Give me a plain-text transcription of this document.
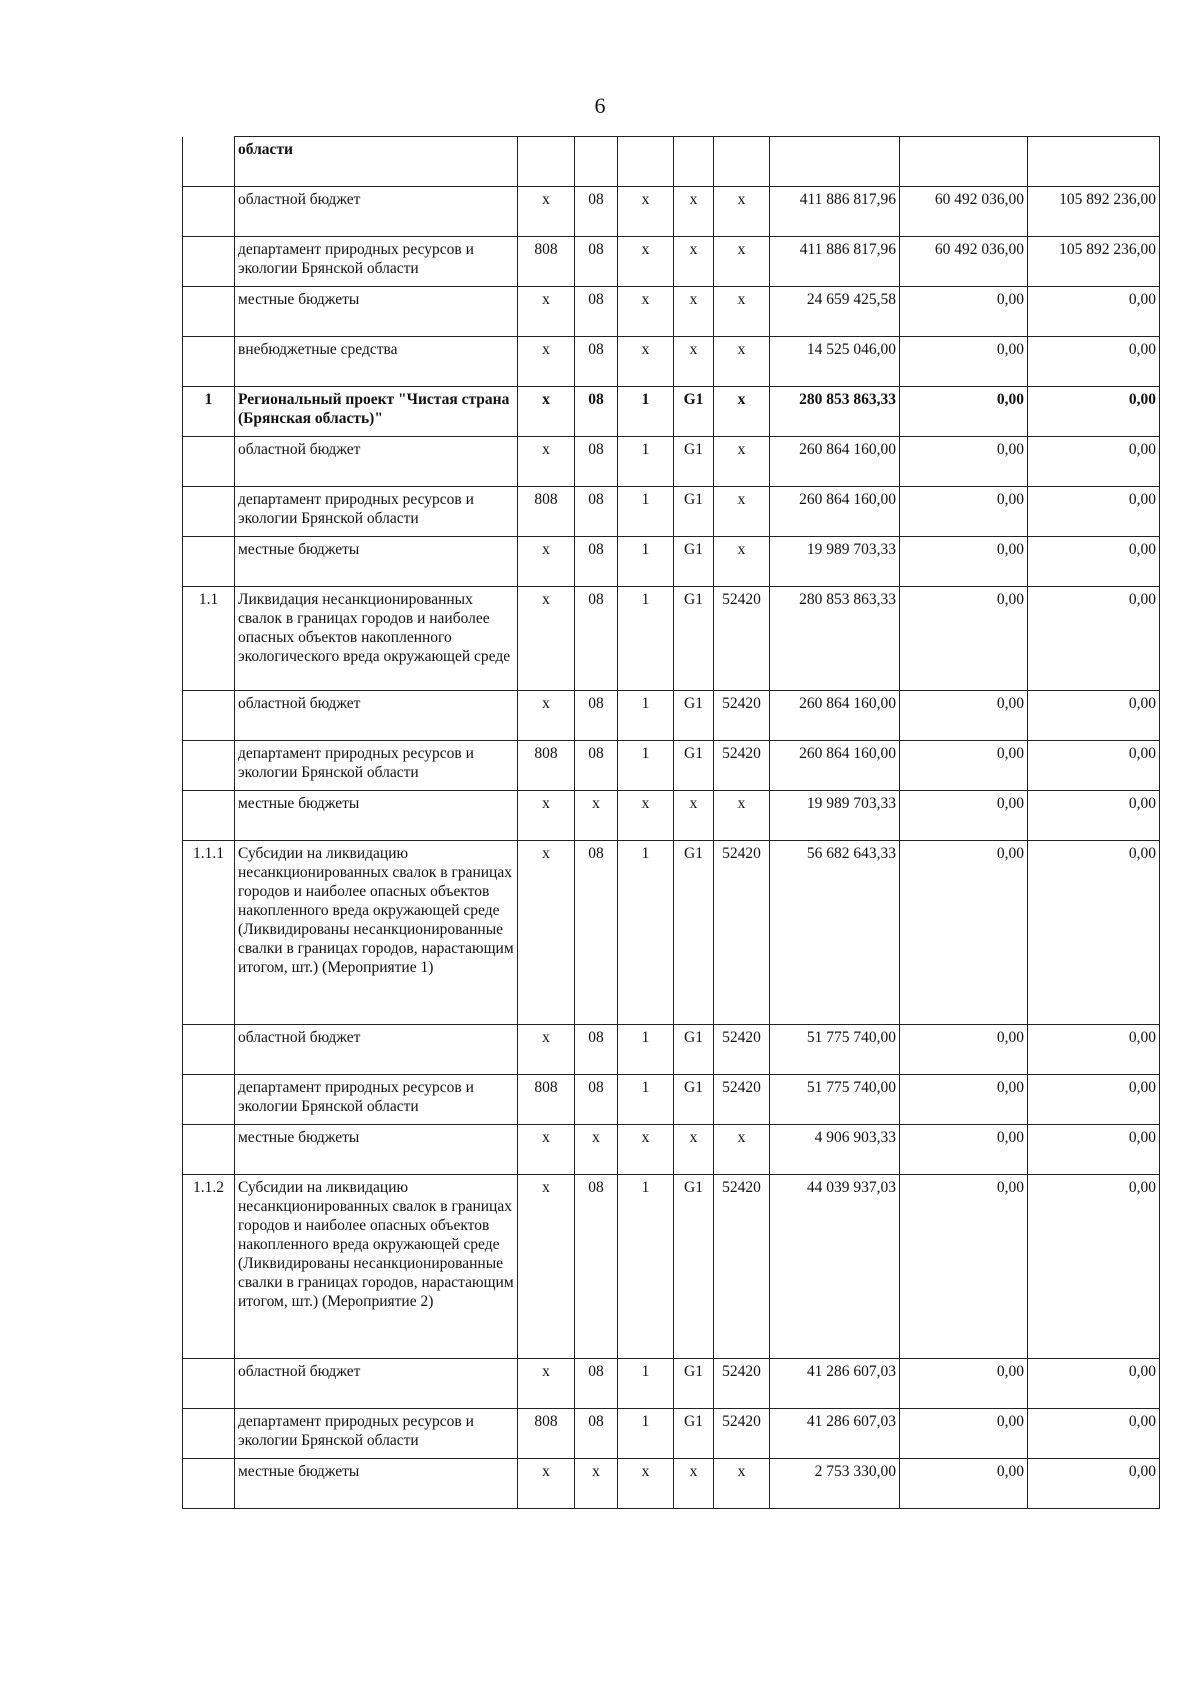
6
	области								
	областной бюджет	x	08	x	x	x	411 886 817,96	60 492 036,00	105 892 236,00
	департамент природных ресурсов и экологии Брянской области	808	08	x	x	x	411 886 817,96	60 492 036,00	105 892 236,00
	местные бюджеты	x	08	x	x	x	24 659 425,58	0,00	0,00
	внебюджетные средства	x	08	x	x	x	14 525 046,00	0,00	0,00
1	Региональный проект "Чистая страна (Брянская область)"	x	08	1	G1	x	280 853 863,33	0,00	0,00
	областной бюджет	x	08	1	G1	x	260 864 160,00	0,00	0,00
	департамент природных ресурсов и экологии Брянской области	808	08	1	G1	x	260 864 160,00	0,00	0,00
	местные бюджеты	x	08	1	G1	x	19 989 703,33	0,00	0,00
1.1	Ликвидация несанкционированных свалок в границах городов и наиболее опасных объектов накопленного экологического вреда окружающей среде	x	08	1	G1	52420	280 853 863,33	0,00	0,00
	областной бюджет	x	08	1	G1	52420	260 864 160,00	0,00	0,00
	департамент природных ресурсов и экологии Брянской области	808	08	1	G1	52420	260 864 160,00	0,00	0,00
	местные бюджеты	x	x	x	x	x	19 989 703,33	0,00	0,00
1.1.1	Субсидии на ликвидацию несанкционированных свалок в границах городов и наиболее опасных объектов накопленного вреда окружающей среде (Ликвидированы несанкционированные свалки в границах городов, нарастающим итогом, шт.) (Мероприятие 1)	x	08	1	G1	52420	56 682 643,33	0,00	0,00
	областной бюджет	x	08	1	G1	52420	51 775 740,00	0,00	0,00
	департамент природных ресурсов и экологии Брянской области	808	08	1	G1	52420	51 775 740,00	0,00	0,00
	местные бюджеты	x	x	x	x	x	4 906 903,33	0,00	0,00
1.1.2	Субсидии на ликвидацию несанкционированных свалок в границах городов и наиболее опасных объектов накопленного вреда окружающей среде (Ликвидированы несанкционированные свалки в границах городов, нарастающим итогом, шт.) (Мероприятие 2)	x	08	1	G1	52420	44 039 937,03	0,00	0,00
	областной бюджет	x	08	1	G1	52420	41 286 607,03	0,00	0,00
	департамент природных ресурсов и экологии Брянской области	808	08	1	G1	52420	41 286 607,03	0,00	0,00
	местные бюджеты	x	x	x	x	x	2 753 330,00	0,00	0,00
